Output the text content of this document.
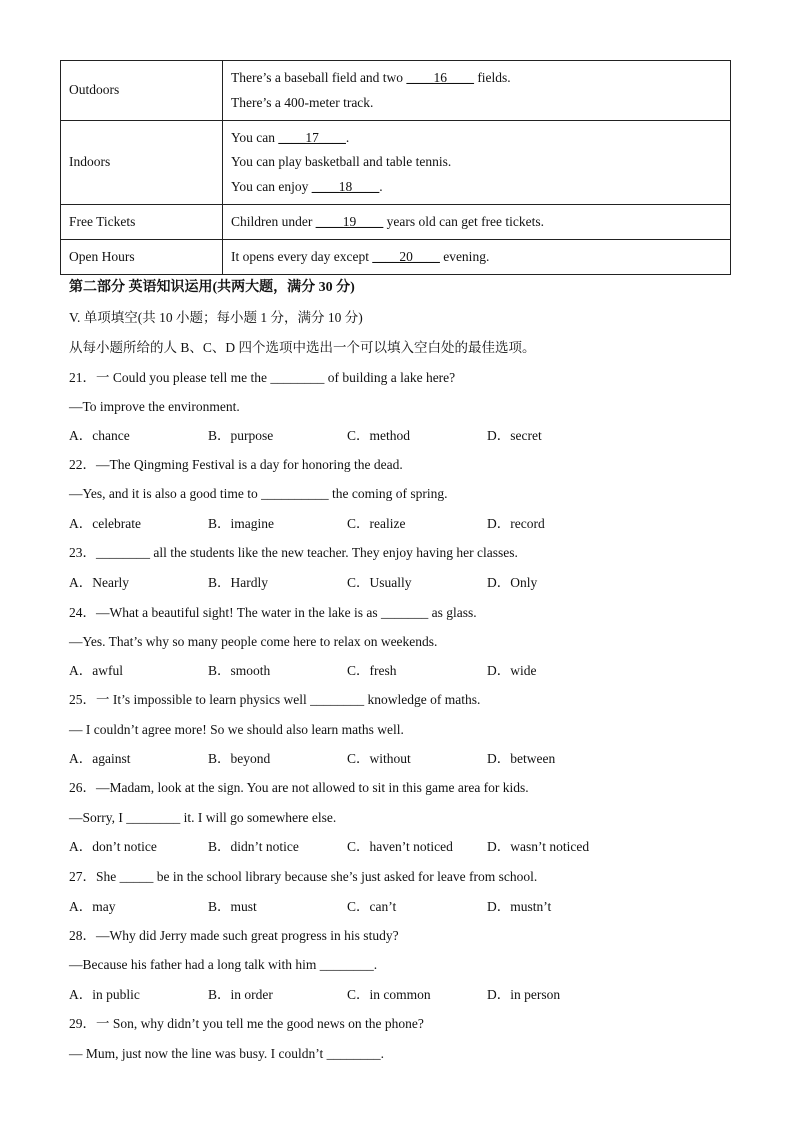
Outdoors	There’s a baseball field and two ____16____ fields.
There’s a 400-meter track.

Indoors	You can ____17____.
You can play basketball and table tennis.
You can enjoy ____18____.

Free Tickets	Children under ____19____ years old can get free tickets.

Open Hours	It opens every day except ____20____ evening.
第二部分 英语知识运用(共两大题，满分 30 分)
V. 单项填空(共 10 小题；每小题 1 分，满分 10 分)
从每小题所给的人 B、C、D 四个选项中选出一个可以填入空白处的最佳选项。
21．一 Could you please tell me the ________ of building a lake here?
—To improve the environment.
A．chance	B．purpose	C．method	D．secret
22．—The Qingming Festival is a day for honoring the dead.
—Yes, and it is also a good time to __________ the coming of spring.
A．celebrate	B．imagine	C．realize	D．record
23．________ all the students like the new teacher. They enjoy having her classes.
A．Nearly	B．Hardly	C．Usually	D．Only
24．—What a beautiful sight! The water in the lake is as _______ as glass.
—Yes. That’s why so many people come here to relax on weekends.
A．awful	B．smooth	C．fresh	D．wide
25．一 It’s impossible to learn physics well ________ knowledge of maths.
— I couldn’t agree more! So we should also learn maths well.
A．against	B．beyond	C．without	D．between
26．—Madam, look at the sign. You are not allowed to sit in this game area for kids.
—Sorry, I ________ it. I will go somewhere else.
A．don’t notice	B．didn’t notice	C．haven’t noticed	D．wasn’t noticed
27．She _____ be in the school library because she’s just asked for leave from school.
A．may	B．must	C．can’t	D．mustn’t
28．—Why did Jerry made such great progress in his study?
—Because his father had a long talk with him ________.
A．in public	B．in order	C．in common	D．in person
29．一 Son, why didn’t you tell me the good news on the phone?
— Mum, just now the line was busy. I couldn’t ________.
